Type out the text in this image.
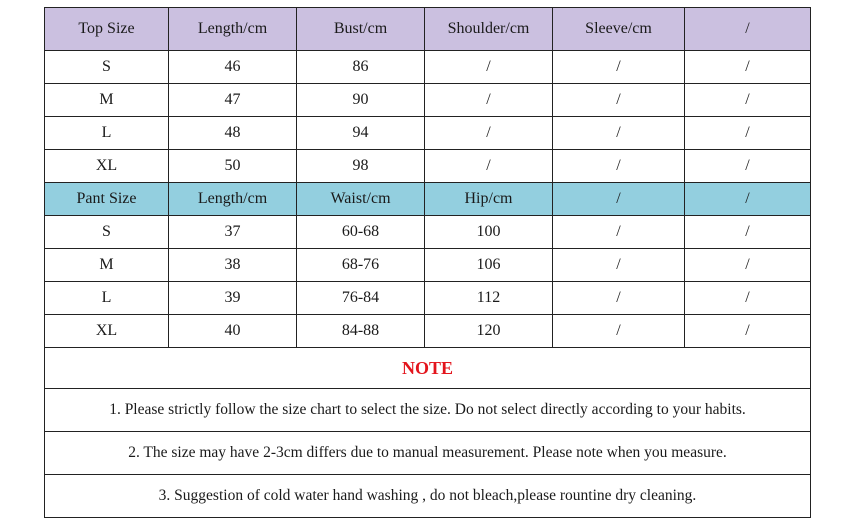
Top Size	Length/cm	Bust/cm	Shoulder/cm	Sleeve/cm	/
S	46	86	/	/	/
M	47	90	/	/	/
L	48	94	/	/	/
XL	50	98	/	/	/
Pant Size	Length/cm	Waist/cm	Hip/cm	/	/
S	37	60-68	100	/	/
M	38	68-76	106	/	/
L	39	76-84	112	/	/
XL	40	84-88	120	/	/
NOTE					
1. Please strictly follow the size chart to select the size. Do not select directly according to your habits.					
2. The size may have 2-3cm differs due to manual measurement. Please note when you measure.					
3. Suggestion of cold water hand washing , do not bleach,please rountine dry cleaning.					
